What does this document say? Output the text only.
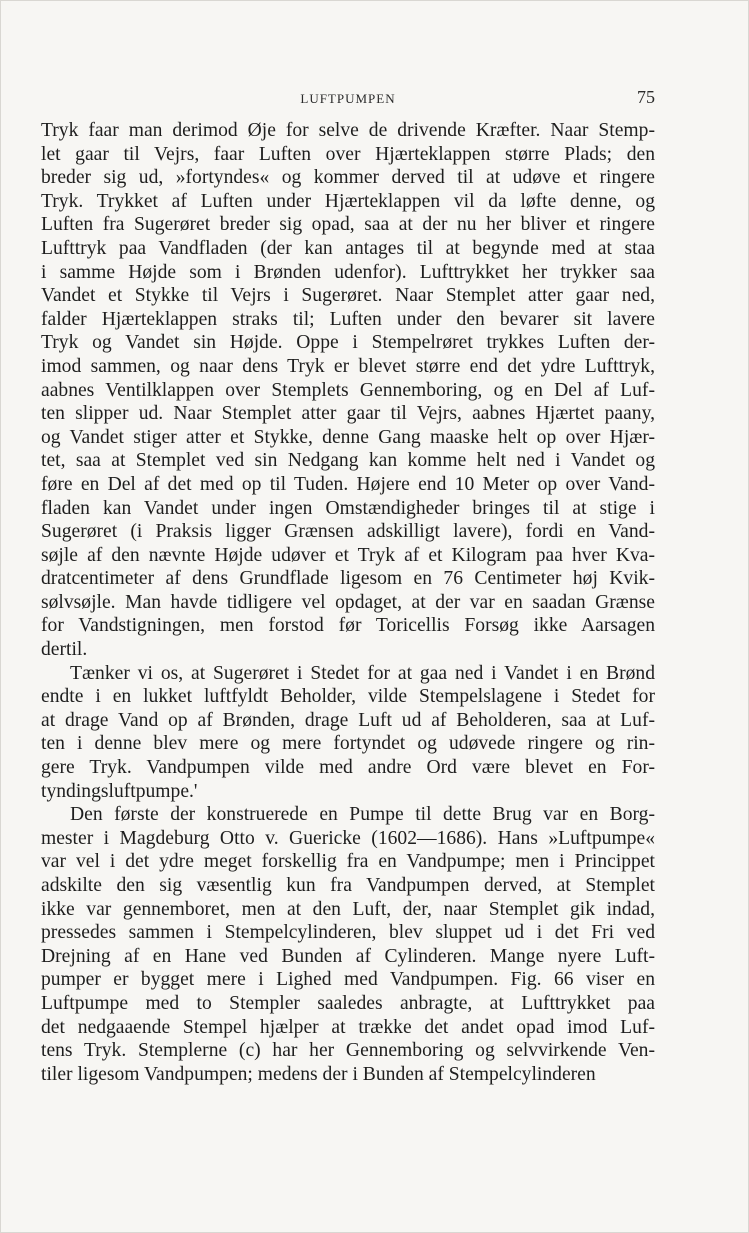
LUFTPUMPEN	75
Tryk faar man derimod Øje for selve de drivende Kræfter. Naar Stemp-
let gaar til Vejrs, faar Luften over Hjærteklappen større Plads; den
breder sig ud, »fortyndes« og kommer derved til at udøve et ringere
Tryk. Trykket af Luften under Hjærteklappen vil da løfte denne, og
Luften fra Sugerøret breder sig opad, saa at der nu her bliver et ringere
Lufttryk paa Vandfladen (der kan antages til at begynde med at staa
i samme Højde som i Brønden udenfor). Lufttrykket her trykker saa
Vandet et Stykke til Vejrs i Sugerøret. Naar Stemplet atter gaar ned,
falder Hjærteklappen straks til; Luften under den bevarer sit lavere
Tryk og Vandet sin Højde. Oppe i Stempelrøret trykkes Luften der-
imod sammen, og naar dens Tryk er blevet større end det ydre Lufttryk,
aabnes Ventilklappen over Stemplets Gennemboring, og en Del af Luf-
ten slipper ud. Naar Stemplet atter gaar til Vejrs, aabnes Hjærtet paany,
og Vandet stiger atter et Stykke, denne Gang maaske helt op over Hjær-
tet, saa at Stemplet ved sin Nedgang kan komme helt ned i Vandet og
føre en Del af det med op til Tuden. Højere end 10 Meter op over Vand-
fladen kan Vandet under ingen Omstændigheder bringes til at stige i
Sugerøret (i Praksis ligger Grænsen adskilligt lavere), fordi en Vand-
søjle af den nævnte Højde udøver et Tryk af et Kilogram paa hver Kva-
dratcentimeter af dens Grundflade ligesom en 76 Centimeter høj Kvik-
sølvsøjle. Man havde tidligere vel opdaget, at der var en saadan Grænse
for Vandstigningen, men forstod før Toricellis Forsøg ikke Aarsagen
dertil.
Tænker vi os, at Sugerøret i Stedet for at gaa ned i Vandet i en Brønd
endte i en lukket luftfyldt Beholder, vilde Stempelslagene i Stedet for
at drage Vand op af Brønden, drage Luft ud af Beholderen, saa at Luf-
ten i denne blev mere og mere fortyndet og udøvede ringere og rin-
gere Tryk. Vandpumpen vilde med andre Ord være blevet en For-
tyndingsluftpumpe.'
Den første der konstruerede en Pumpe til dette Brug var en Borg-
mester i Magdeburg Otto v. Guericke (1602—1686). Hans »Luftpumpe«
var vel i det ydre meget forskellig fra en Vandpumpe; men i Princippet
adskilte den sig væsentlig kun fra Vandpumpen derved, at Stemplet
ikke var gennemboret, men at den Luft, der, naar Stemplet gik indad,
pressedes sammen i Stempelcylinderen, blev sluppet ud i det Fri ved
Drejning af en Hane ved Bunden af Cylinderen. Mange nyere Luft-
pumper er bygget mere i Lighed med Vandpumpen. Fig. 66 viser en
Luftpumpe med to Stempler saaledes anbragte, at Lufttrykket paa
det nedgaaende Stempel hjælper at trække det andet opad imod Luf-
tens Tryk. Stemplerne (c) har her Gennemboring og selvvirkende Ven-
tiler ligesom Vandpumpen; medens der i Bunden af Stempelcylinderen
